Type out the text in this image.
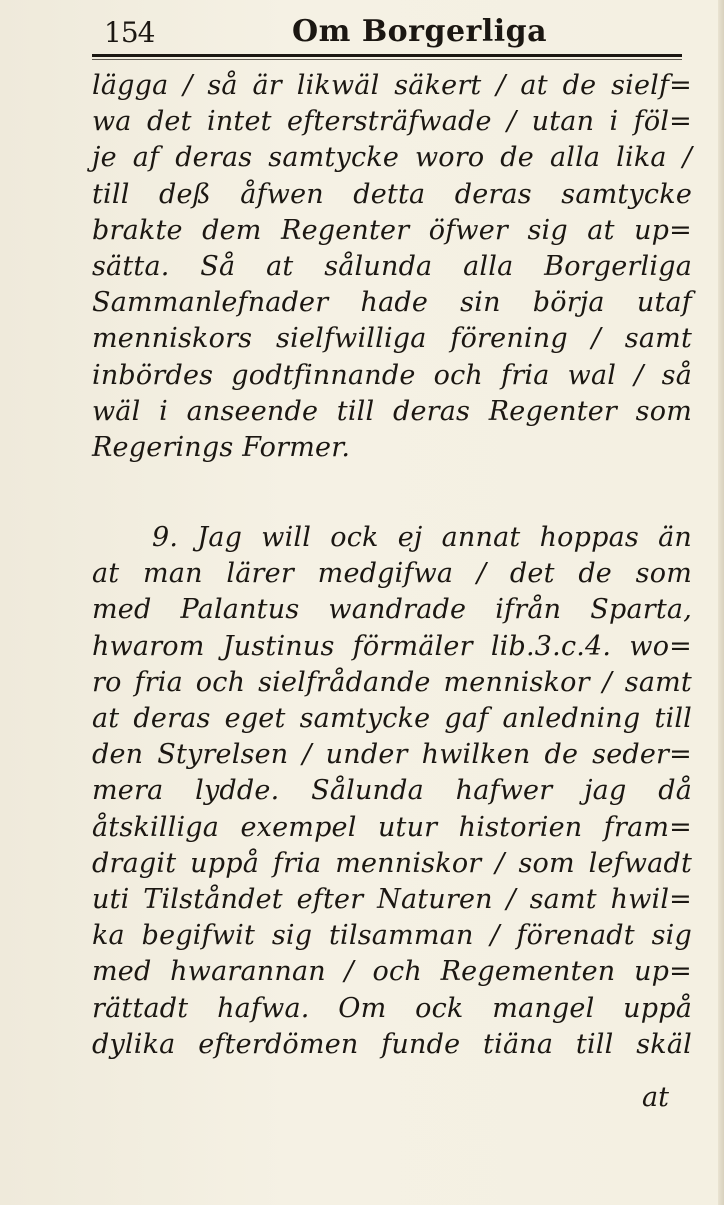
154	Om Borgerliga
lägga / så är likwäl säkert / at de sielf=
wa det intet eftersträfwade / utan i föl=
je af deras samtycke woro de alla lika /
till deß åfwen detta deras samtycke
brakte dem Regenter öfwer sig at up=
sätta. Så at sålunda alla Borgerliga
Sammanlefnader hade sin börja utaf
menniskors sielfwilliga förening / samt
inbördes godtfinnande och fria wal / så
wäl i anseende till deras Regenter som
Regerings Former.
9. Jag will ock ej annat hoppas än
at man lärer medgifwa / det de som
med Palantus wandrade ifrån Sparta,
hwarom Justinus förmäler lib.3.c.4. wo=
ro fria och sielfrådande menniskor / samt
at deras eget samtycke gaf anledning till
den Styrelsen / under hwilken de seder=
mera lydde. Sålunda hafwer jag då
åtskilliga exempel utur historien fram=
dragit uppå fria menniskor / som lefwadt
uti Tilståndet efter Naturen / samt hwil=
ka begifwit sig tilsamman / förenadt sig
med hwarannan / och Regementen up=
rättadt hafwa. Om ock mangel uppå
dylika efterdömen funde tiäna till skäl
at
